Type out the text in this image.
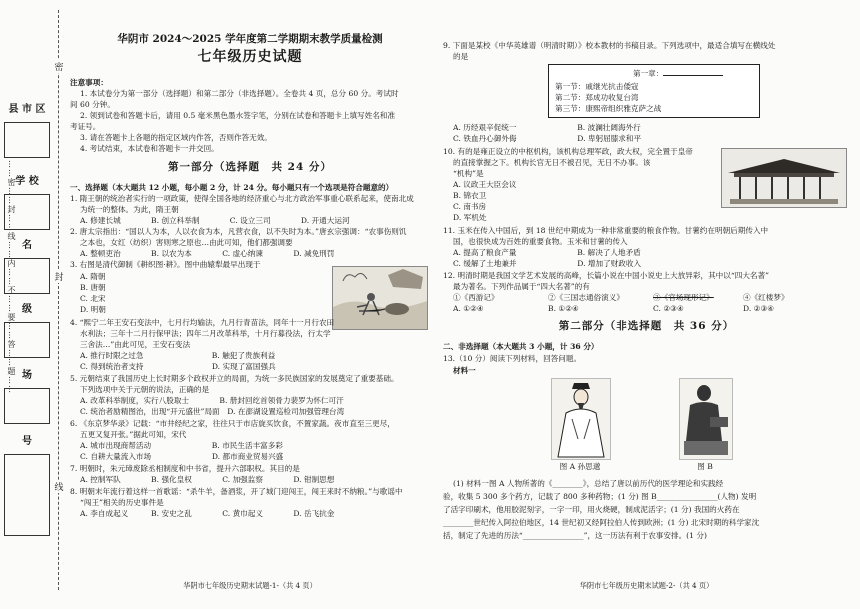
密
封
线
……密……封……线……内……不……要……答……题……
县 市 区
学 校
名
级
场
号
华阴市 2024～2025 学年度第二学期期末教学质量检测
七年级历史试题
注意事项：
1. 本试卷分为第一部分（选择题）和第二部分（非选择题）。全卷共 4 页，总分 60 分。考试时
间 60 分钟。
2. 领到试卷和答题卡后，请用 0.5 毫米黑色墨水签字笔，分别在试卷和答题卡上填写姓名和准
考证号。
3. 请在答题卡上各题的指定区域内作答，否则作答无效。
4. 考试结束，本试卷和答题卡一并交回。
第一部分（选择题　共 24 分）
一、选择题（本大题共 12 小题，每小题 2 分，计 24 分。每小题只有一个选项是符合题意的）
1. 隋王朝的统治者实行的一项政策，使得全国各地的经济重心与北方政治军事重心联系起来，使南北成
为统一的整体。为此，隋王朝
A. 修建长城　　　　B. 创立科举制　　　　C. 设立三司　　　　D. 开通大运河
2. 唐太宗指出：“国以人为本，人以衣食为本，凡营衣食，以不失时为本。”唐玄宗强调：“农事伤则饥
之本也，女红（纺织）害则寒之原也…由此可知，他们都强调要
A. 整顿吏治　　　　B. 以农为本　　　　C. 虚心纳谏　　　　D. 减免刑罚
3. 右图是清代御制《耕织图·耕》。图中曲辕犁最早出现于
A. 隋朝
B. 唐朝
C. 北宋
D. 明朝
4. “熙宁二年王安石变法中，七月行均输法，九月行青苗法，同年十一月行农田
水利法；三年十二月行保甲法；四年二月改革科举，十月行募役法，行太学
三舍法…”由此可见，王安石变法
A. 推行时限之过急　　　　　　　　　B. 触犯了贵族利益
C. 得到统治者支持　　　　　　　　　D. 实现了富国强兵
5. 元朝结束了我国历史上长时期多个政权并立的局面，为统一多民族国家的发展奠定了重要基础。
下列选项中关于元朝的说法，正确的是
A. 改革科举制度，实行八股取士　　　　B. 册封回纥首领骨力裴罗为怀仁可汗
C. 统治者励精图治，出现“开元盛世”局面　D. 在澎湖设置巡检司加强管理台湾
6. 《东京梦华录》记载：“市井经纪之家，往往只于市店旋买饮食，不置家蔬。夜市直至三更尽，
五更又复开张。”据此可知，宋代
A. 城市出现商帮活动　　　　　　　　B. 市民生活丰富多彩
C. 自耕大量流入市场　　　　　　　　D. 都市商业贸易兴盛
7. 明朝时，朱元璋废除丞相制度和中书省，提升六部职权。其目的是
A. 控制军队　　　　B. 强化皇权　　　　C. 加强监察　　　　D. 钳制思想
8. 明朝末年流行着这样一首歌谣：“杀牛羊，备酒浆，开了城门迎闯王，闯王来时不纳粮。”与歌谣中
“闯王”相关的历史事件是
A. 李自成起义　　　B. 安史之乱　　　　C. 黄巾起义　　　　D. 岳飞抗金
华阴市七年级历史期末试题-1-（共 4 页）
9. 下面是某校《中华英雄谱（明清时期）》校本教材的书稿目录。下列选项中，最适合填写在横线处
的是
第一章：
第一节：戚继光抗击倭寇
第二节：郑成功收复台湾
第三节：康熙帝组织雅克萨之战
A. 历经艰辛促统一　　　　　　　　B. 波澜壮阔海外行
C. 铁血丹心御外侮　　　　　　　　D. 卑躬屈膝求和平
10. 有的是雍正设立的中枢机构，该机构总理军政，政大权，完全置于皇帝
的直接掌握之下。机构长官无日不被召见，无日不办事。该
“机构”是
A. 议政王大臣会议
B. 锦衣卫
C. 南书房
D. 军机处
11. 玉米在传入中国后，到 18 世纪中期成为一种非常重要的粮食作物。甘薯约在明朝后期传入中
国，也很快成为百姓的重要食物。玉米和甘薯的传入
A. 提高了粮食产量　　　　　　　　B. 解决了人地矛盾
C. 缓解了土地兼并　　　　　　　　D. 增加了财政收入
12. 明清时期是我国文学艺术发展的高峰，长篇小说在中国小说史上大放异彩，其中以“四大名著”
最为著名。下列作品属于“四大名著”的有
①《西游记》	②《三国志通俗演义》	③《官场现形记》	④《红楼梦》
A. ①②④	B. ①②④	C. ②③④	D. ②③④
第二部分（非选择题　共 36 分）
二、非选择题（本大题共 3 小题，计 36 分）
13.（10 分）阅读下列材料，回答问题。
材料一
图 A 孙思邈	图 B
(1) 材料一图 A 人物所著的《________》，总结了唐以前历代的医学理论和实践经
验，收集 5 300 多个药方，记载了 800 多种药物；(1 分) 图 B________________(人物) 发明
了活字印刷术，他用胶泥刻字，一字一印，用火烧硬，制成泥活字；(1 分) 我国的火药在
________世纪传入阿拉伯地区，14 世纪初又经阿拉伯人传到欧洲；(1 分) 北宋时期的科学家沈
括，制定了先进的历法“________________”，这一历法有利于农事安排。(1 分)
华阴市七年级历史期末试题-2-（共 4 页）
